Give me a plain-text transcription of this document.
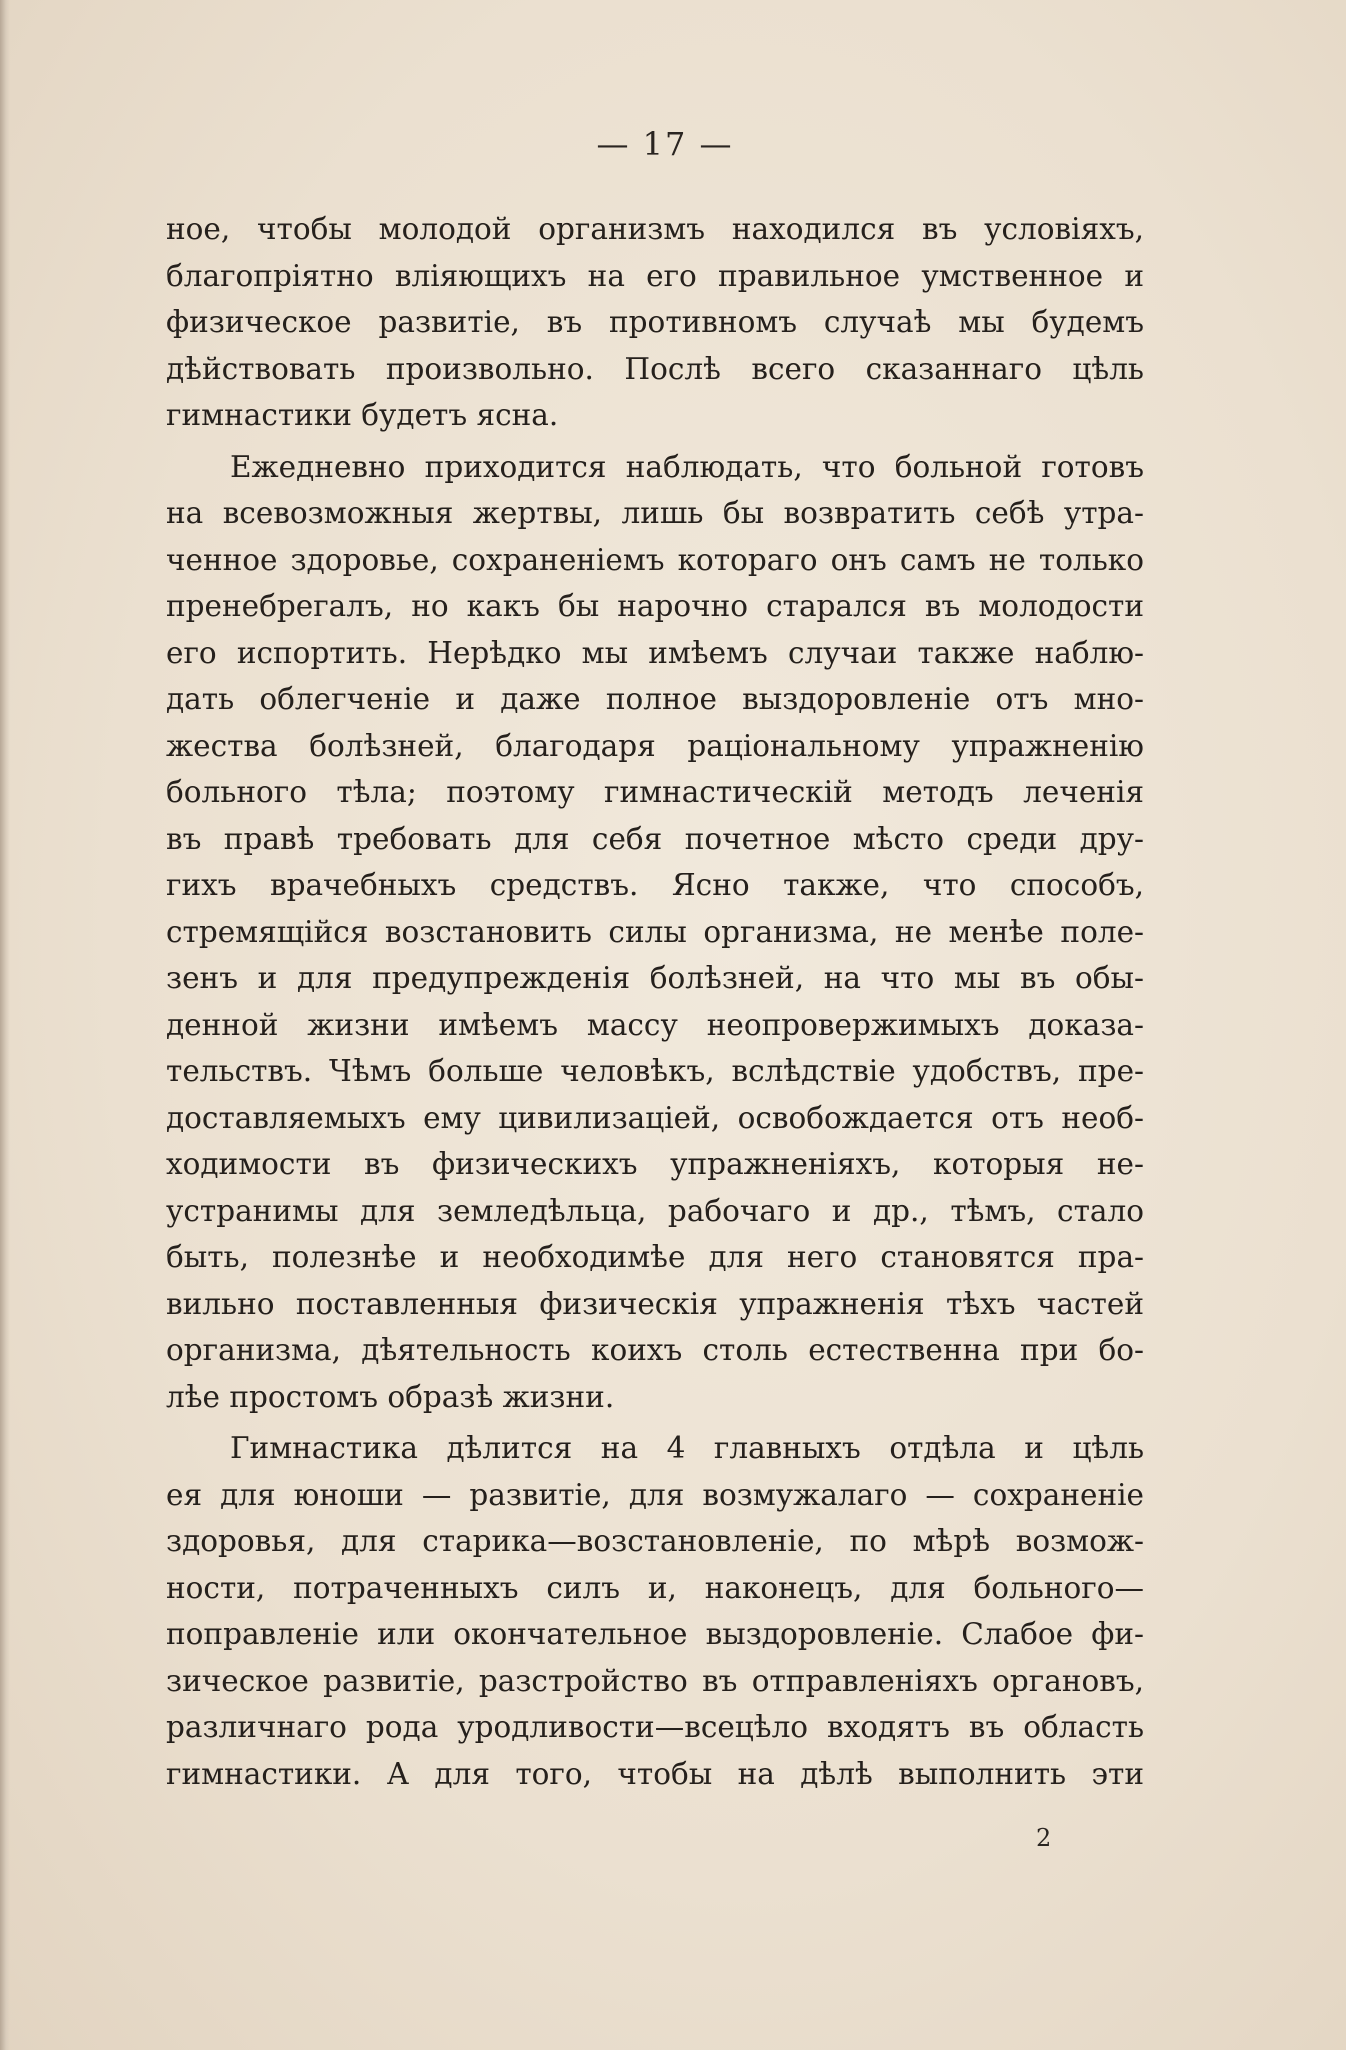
— 17 —
ное, чтобы молодой организмъ находился въ условіяхъ,
благопріятно вліяющихъ на его правильное умственное и
физическое развитіе, въ противномъ случаѣ мы будемъ
дѣйствовать произвольно. Послѣ всего сказаннаго цѣль
гимнастики будетъ ясна.
Ежедневно приходится наблюдать, что больной готовъ
на всевозможныя жертвы, лишь бы возвратить себѣ утра-
ченное здоровье, сохраненіемъ котораго онъ самъ не только
пренебрегалъ, но какъ бы нарочно старался въ молодости
его испортить. Нерѣдко мы имѣемъ случаи также наблю-
дать облегченіе и даже полное выздоровленіе отъ мно-
жества болѣзней, благодаря раціональному упражненію
больного тѣла; поэтому гимнастическій методъ леченія
въ правѣ требовать для себя почетное мѣсто среди дру-
гихъ врачебныхъ средствъ. Ясно также, что способъ,
стремящійся возстановить силы организма, не менѣе поле-
зенъ и для предупрежденія болѣзней, на что мы въ обы-
денной жизни имѣемъ массу неопровержимыхъ доказа-
тельствъ. Чѣмъ больше человѣкъ, вслѣдствіе удобствъ, пре-
доставляемыхъ ему цивилизаціей, освобождается отъ необ-
ходимости въ физическихъ упражненіяхъ, которыя не-
устранимы для земледѣльца, рабочаго и др., тѣмъ, стало
быть, полезнѣе и необходимѣе для него становятся пра-
вильно поставленныя физическія упражненія тѣхъ частей
организма, дѣятельность коихъ столь естественна при бо-
лѣе простомъ образѣ жизни.
Гимнастика дѣлится на 4 главныхъ отдѣла и цѣль
ея для юноши — развитіе, для возмужалаго — сохраненіе
здоровья, для старика—возстановленіе, по мѣрѣ возмож-
ности, потраченныхъ силъ и, наконецъ, для больного—
поправленіе или окончательное выздоровленіе. Слабое фи-
зическое развитіе, разстройство въ отправленіяхъ органовъ,
различнаго рода уродливости—всецѣло входятъ въ область
гимнастики. А для того, чтобы на дѣлѣ выполнить эти
2
